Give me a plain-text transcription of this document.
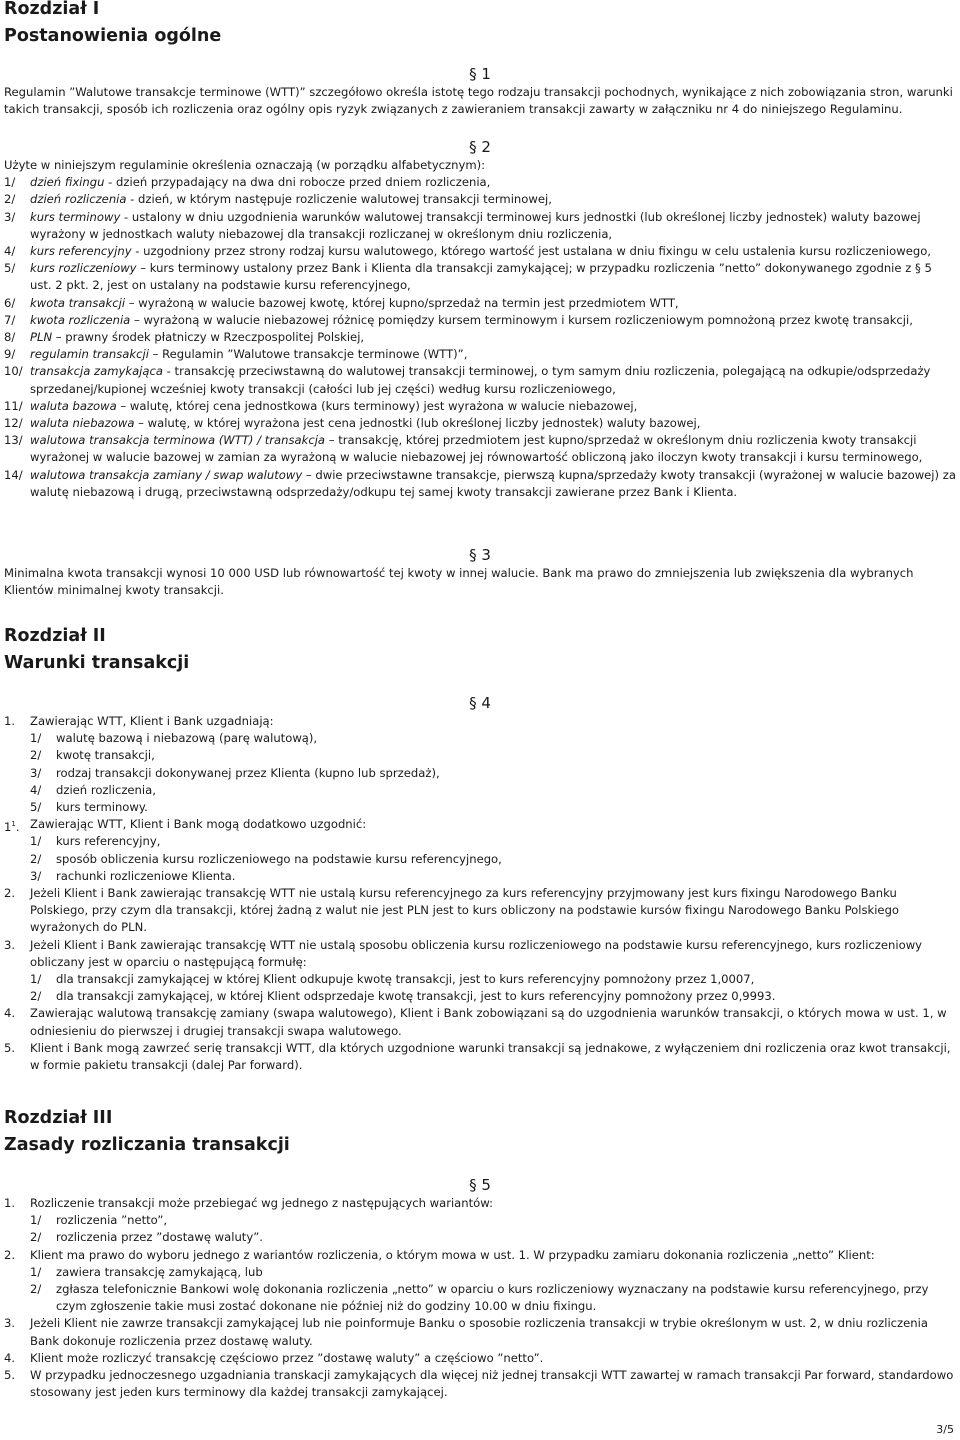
Rozdział I
Postanowienia ogólne
§ 1
Regulamin ”Walutowe transakcje terminowe (WTT)” szczegółowo określa istotę tego rodzaju transakcji pochodnych, wynikające z nich zobowiązania stron, warunki takich transakcji, sposób ich rozliczenia oraz ogólny opis ryzyk związanych z zawieraniem transakcji zawarty w załączniku nr 4 do niniejszego Regulaminu.
§ 2
Użyte w niniejszym regulaminie określenia oznaczają (w porządku alfabetycznym):
1/ dzień fixingu - dzień przypadający na dwa dni robocze przed dniem rozliczenia,
2/ dzień rozliczenia - dzień, w którym następuje rozliczenie walutowej transakcji terminowej,
3/ kurs terminowy - ustalony w dniu uzgodnienia warunków walutowej transakcji terminowej kurs jednostki (lub określonej liczby jednostek) waluty bazowej wyrażony w jednostkach waluty niebazowej dla transakcji rozliczanej w określonym dniu rozliczenia,
4/ kurs referencyjny - uzgodniony przez strony rodzaj kursu walutowego, którego wartość jest ustalana w dniu fixingu w celu ustalenia kursu rozliczeniowego,
5/ kurs rozliczeniowy – kurs terminowy ustalony przez Bank i Klienta dla transakcji zamykającej; w przypadku rozliczenia ”netto” dokonywanego zgodnie z § 5 ust. 2 pkt. 2, jest on ustalany na podstawie kursu referencyjnego,
6/ kwota transakcji – wyrażoną w walucie bazowej kwotę, której kupno/sprzedaż na termin jest przedmiotem WTT,
7/ kwota rozliczenia – wyrażoną w walucie niebazowej różnicę pomiędzy kursem terminowym i kursem rozliczeniowym pomnożoną przez kwotę transakcji,
8/ PLN – prawny środek płatniczy w Rzeczpospolitej Polskiej,
9/ regulamin transakcji – Regulamin ”Walutowe transakcje terminowe (WTT)”,
10/ transakcja zamykająca - transakcję przeciwstawną do walutowej transakcji terminowej, o tym samym dniu rozliczenia, polegającą na odkupie/odsprzedaży sprzedanej/kupionej wcześniej kwoty transakcji (całości lub jej części) według kursu rozliczeniowego,
11/ waluta bazowa – walutę, której cena jednostkowa (kurs terminowy) jest wyrażona w walucie niebazowej,
12/ waluta niebazowa – walutę, w której wyrażona jest cena jednostki (lub określonej liczby jednostek) waluty bazowej,
13/ walutowa transakcja terminowa (WTT) / transakcja – transakcję, której przedmiotem jest kupno/sprzedaż w określonym dniu rozliczenia kwoty transakcji wyrażonej w walucie bazowej w zamian za wyrażoną w walucie niebazowej jej równowartość obliczoną jako iloczyn kwoty transakcji i kursu terminowego,
14/ walutowa transakcja zamiany / swap walutowy – dwie przeciwstawne transakcje, pierwszą kupna/sprzedaży kwoty transakcji (wyrażonej w walucie bazowej) za walutę niebazową i drugą, przeciwstawną odsprzedaży/odkupu tej samej kwoty transakcji zawierane przez Bank i Klienta.
§ 3
Minimalna kwota transakcji wynosi 10 000 USD lub równowartość tej kwoty w innej walucie. Bank ma prawo do zmniejszenia lub zwiększenia dla wybranych Klientów minimalnej kwoty transakcji.
Rozdział II
Warunki transakcji
§ 4
1. Zawierając WTT, Klient i Bank uzgadniają:
1/ walutę bazową i niebazową (parę walutową),
2/ kwotę transakcji,
3/ rodzaj transakcji dokonywanej przez Klienta (kupno lub sprzedaż),
4/ dzień rozliczenia,
5/ kurs terminowy.
$1^1$. Zawierając WTT, Klient i Bank mogą dodatkowo uzgodnić:
1/ kurs referencyjny,
2/ sposób obliczenia kursu rozliczeniowego na podstawie kursu referencyjnego,
3/ rachunki rozliczeniowe Klienta.
2. Jeżeli Klient i Bank zawierając transakcję WTT nie ustalą kursu referencyjnego za kurs referencyjny przyjmowany jest kurs fixingu Narodowego Banku Polskiego, przy czym dla transakcji, której żadną z walut nie jest PLN jest to kurs obliczony na podstawie kursów fixingu Narodowego Banku Polskiego wyrażonych do PLN.
3. Jeżeli Klient i Bank zawierając transakcję WTT nie ustalą sposobu obliczenia kursu rozliczeniowego na podstawie kursu referencyjnego, kurs rozliczeniowy obliczany jest w oparciu o następującą formułę:
1/ dla transakcji zamykającej w której Klient odkupuje kwotę transakcji, jest to kurs referencyjny pomnożony przez 1,0007,
2/ dla transakcji zamykającej, w której Klient odsprzedaje kwotę transakcji, jest to kurs referencyjny pomnożony przez 0,9993.
4. Zawierając walutową transakcję zamiany (swapa walutowego), Klient i Bank zobowiązani są do uzgodnienia warunków transakcji, o których mowa w ust. 1, w odniesieniu do pierwszej i drugiej transakcji swapa walutowego.
5. Klient i Bank mogą zawrzeć serię transakcji WTT, dla których uzgodnione warunki transakcji są jednakowe, z wyłączeniem dni rozliczenia oraz kwot transakcji, w formie pakietu transakcji (dalej Par forward).
Rozdział III
Zasady rozliczania transakcji
§ 5
1. Rozliczenie transakcji może przebiegać wg jednego z następujących wariantów:
1/ rozliczenia ”netto”,
2/ rozliczenia przez ”dostawę waluty”.
2. Klient ma prawo do wyboru jednego z wariantów rozliczenia, o którym mowa w ust. 1. W przypadku zamiaru dokonania rozliczenia „netto” Klient:
1/ zawiera transakcję zamykającą, lub
2/ zgłasza telefonicznie Bankowi wolę dokonania rozliczenia „netto” w oparciu o kurs rozliczeniowy wyznaczany na podstawie kursu referencyjnego, przy czym zgłoszenie takie musi zostać dokonane nie później niż do godziny 10.00 w dniu fixingu.
3. Jeżeli Klient nie zawrze transakcji zamykającej lub nie poinformuje Banku o sposobie rozliczenia transakcji w trybie określonym w ust. 2, w dniu rozliczenia Bank dokonuje rozliczenia przez dostawę waluty.
4. Klient może rozliczyć transakcję częściowo przez ”dostawę waluty” a częściowo ”netto”.
5. W przypadku jednoczesnego uzgadniania transkacji zamykających dla więcej niż jednej transakcji WTT zawartej w ramach transakcji Par forward, standardowo stosowany jest jeden kurs terminowy dla każdej transakcji zamykającej.
3/5
